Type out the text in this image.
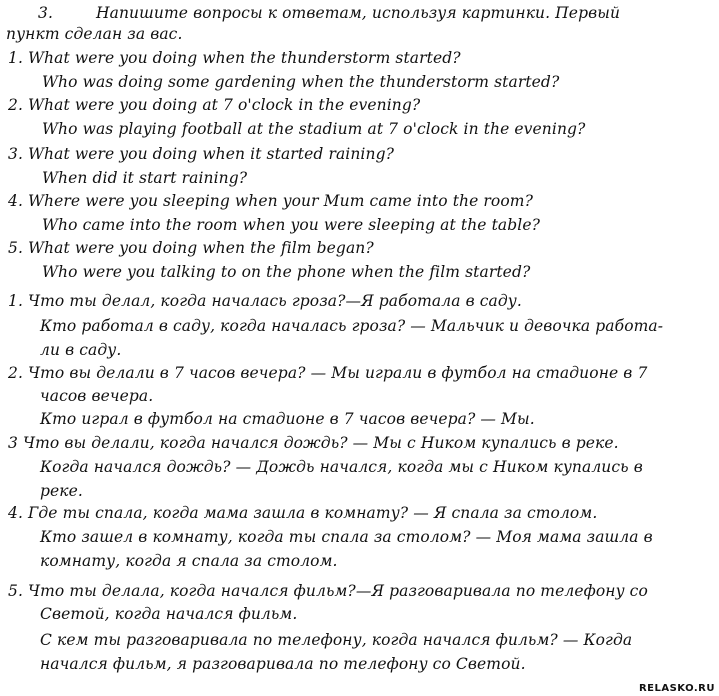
3.	Напишите вопросы к ответам, используя картинки. Первый
пункт сделан за вас.
1. What were you doing when the thunderstorm started?
Who was doing some gardening when the thunderstorm started?
2. What were you doing at 7 o'clock in the evening?
Who was playing football at the stadium at 7 o'clock in the evening?
3. What were you doing when it started raining?
When did it start raining?
4. Where were you sleeping when your Mum came into the room?
Who came into the room when you were sleeping at the table?
5. What were you doing when the film began?
Who were you talking to on the phone when the film started?
1. Что ты делал, когда началась гроза?—Я работала в саду.
Кто работал в саду, когда началась гроза? — Мальчик и девочка работа-
ли в саду.
2. Что вы делали в 7 часов вечера? — Мы играли в футбол на стадионе в 7
часов вечера.
Кто играл в футбол на стадионе в 7 часов вечера? — Мы.
3 Что вы делали, когда начался дождь? — Мы с Ником купались в реке.
Когда начался дождь? — Дождь начался, когда мы с Ником купались в
реке.
4. Где ты спала, когда мама зашла в комнату? — Я спала за столом.
Кто зашел в комнату, когда ты спала за столом? — Моя мама зашла в
комнату, когда я спала за столом.
5. Что ты делала, когда начался фильм?—Я разговаривала по телефону со
Светой, когда начался фильм.
С кем ты разговаривала по телефону, когда начался фильм? — Когда
начался фильм, я разговаривала по телефону со Светой.
RELASKO.RU
